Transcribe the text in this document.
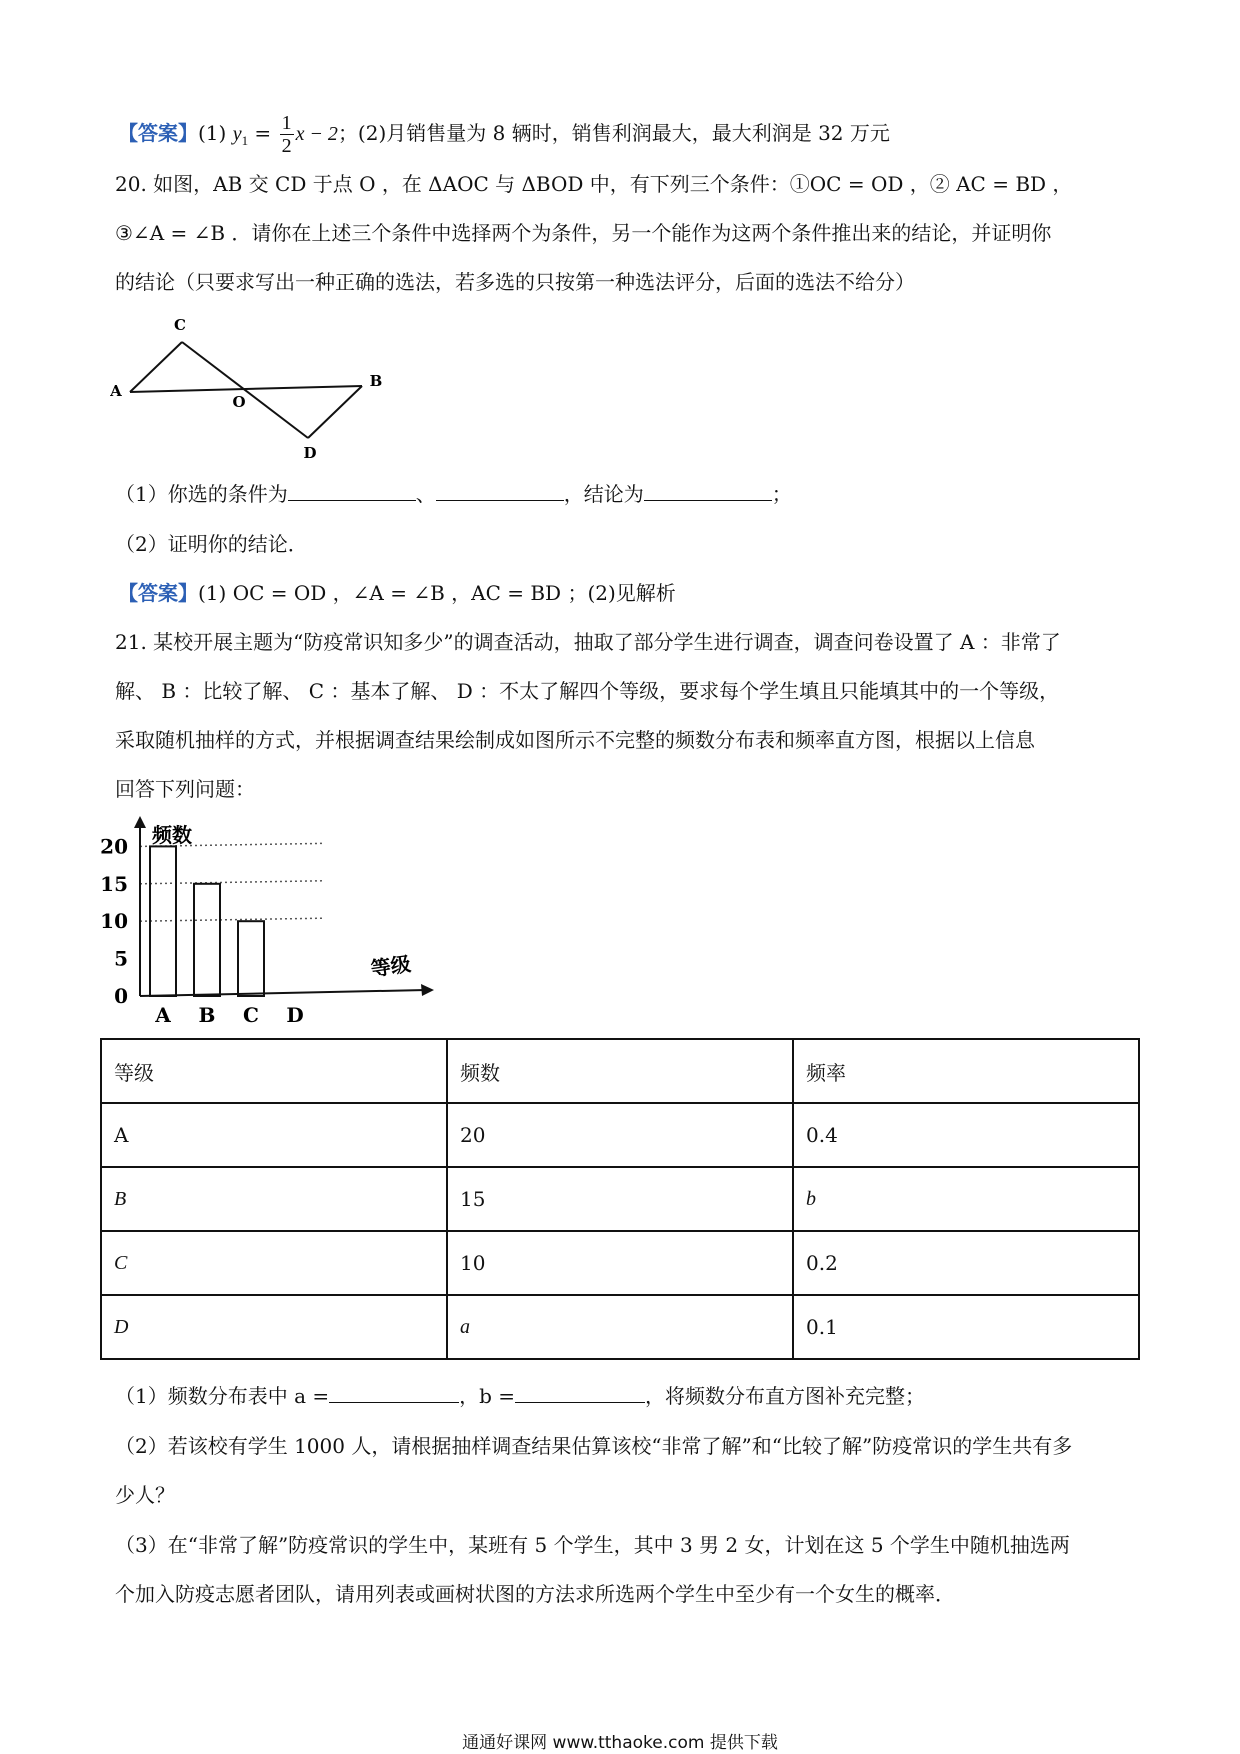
【答案】(1) $y_1 = \frac{1}{2}$ x − 2；(2)月销售量为 8 辆时，销售利润最大，最大利润是 32 万元
20. 如图，AB 交 CD 于点 O ，在 ΔAOC 与 ΔBOD 中，有下列三个条件：①OC = OD ，② AC = BD ，
③∠A = ∠B ．请你在上述三个条件中选择两个为条件，另一个能作为这两个条件推出来的结论，并证明你
的结论（只要求写出一种正确的选法，若多选的只按第一种选法评分，后面的选法不给分）
C
A
O
B
D
（1）你选的条件为	、	，结论为	；
（2）证明你的结论．
【答案】(1) OC = OD ，∠A = ∠B ，AC = BD ；(2)见解析
21. 某校开展主题为“防疫常识知多少”的调查活动，抽取了部分学生进行调查，调查问卷设置了 A ：非常了
解、 B ：比较了解、 C ：基本了解、 D ：不太了解四个等级，要求每个学生填且只能填其中的一个等级，
采取随机抽样的方式，并根据调查结果绘制成如图所示不完整的频数分布表和频率直方图，根据以上信息
回答下列问题：
0
5
10
15
20
A B C D
频数
等级
等级	频数	频率
A	20	0.4
B	15	b
C	10	0.2
D	a	0.1
（1）频数分布表中 a =	，b =	，将频数分布直方图补充完整；
（2）若该校有学生 1000 人，请根据抽样调查结果估算该校“非常了解”和“比较了解”防疫常识的学生共有多
少人？
（3）在“非常了解”防疫常识的学生中，某班有 5 个学生，其中 3 男 2 女，计划在这 5 个学生中随机抽选两
个加入防疫志愿者团队，请用列表或画树状图的方法求所选两个学生中至少有一个女生的概率．
通通好课网 www.tthaoke.com 提供下载
